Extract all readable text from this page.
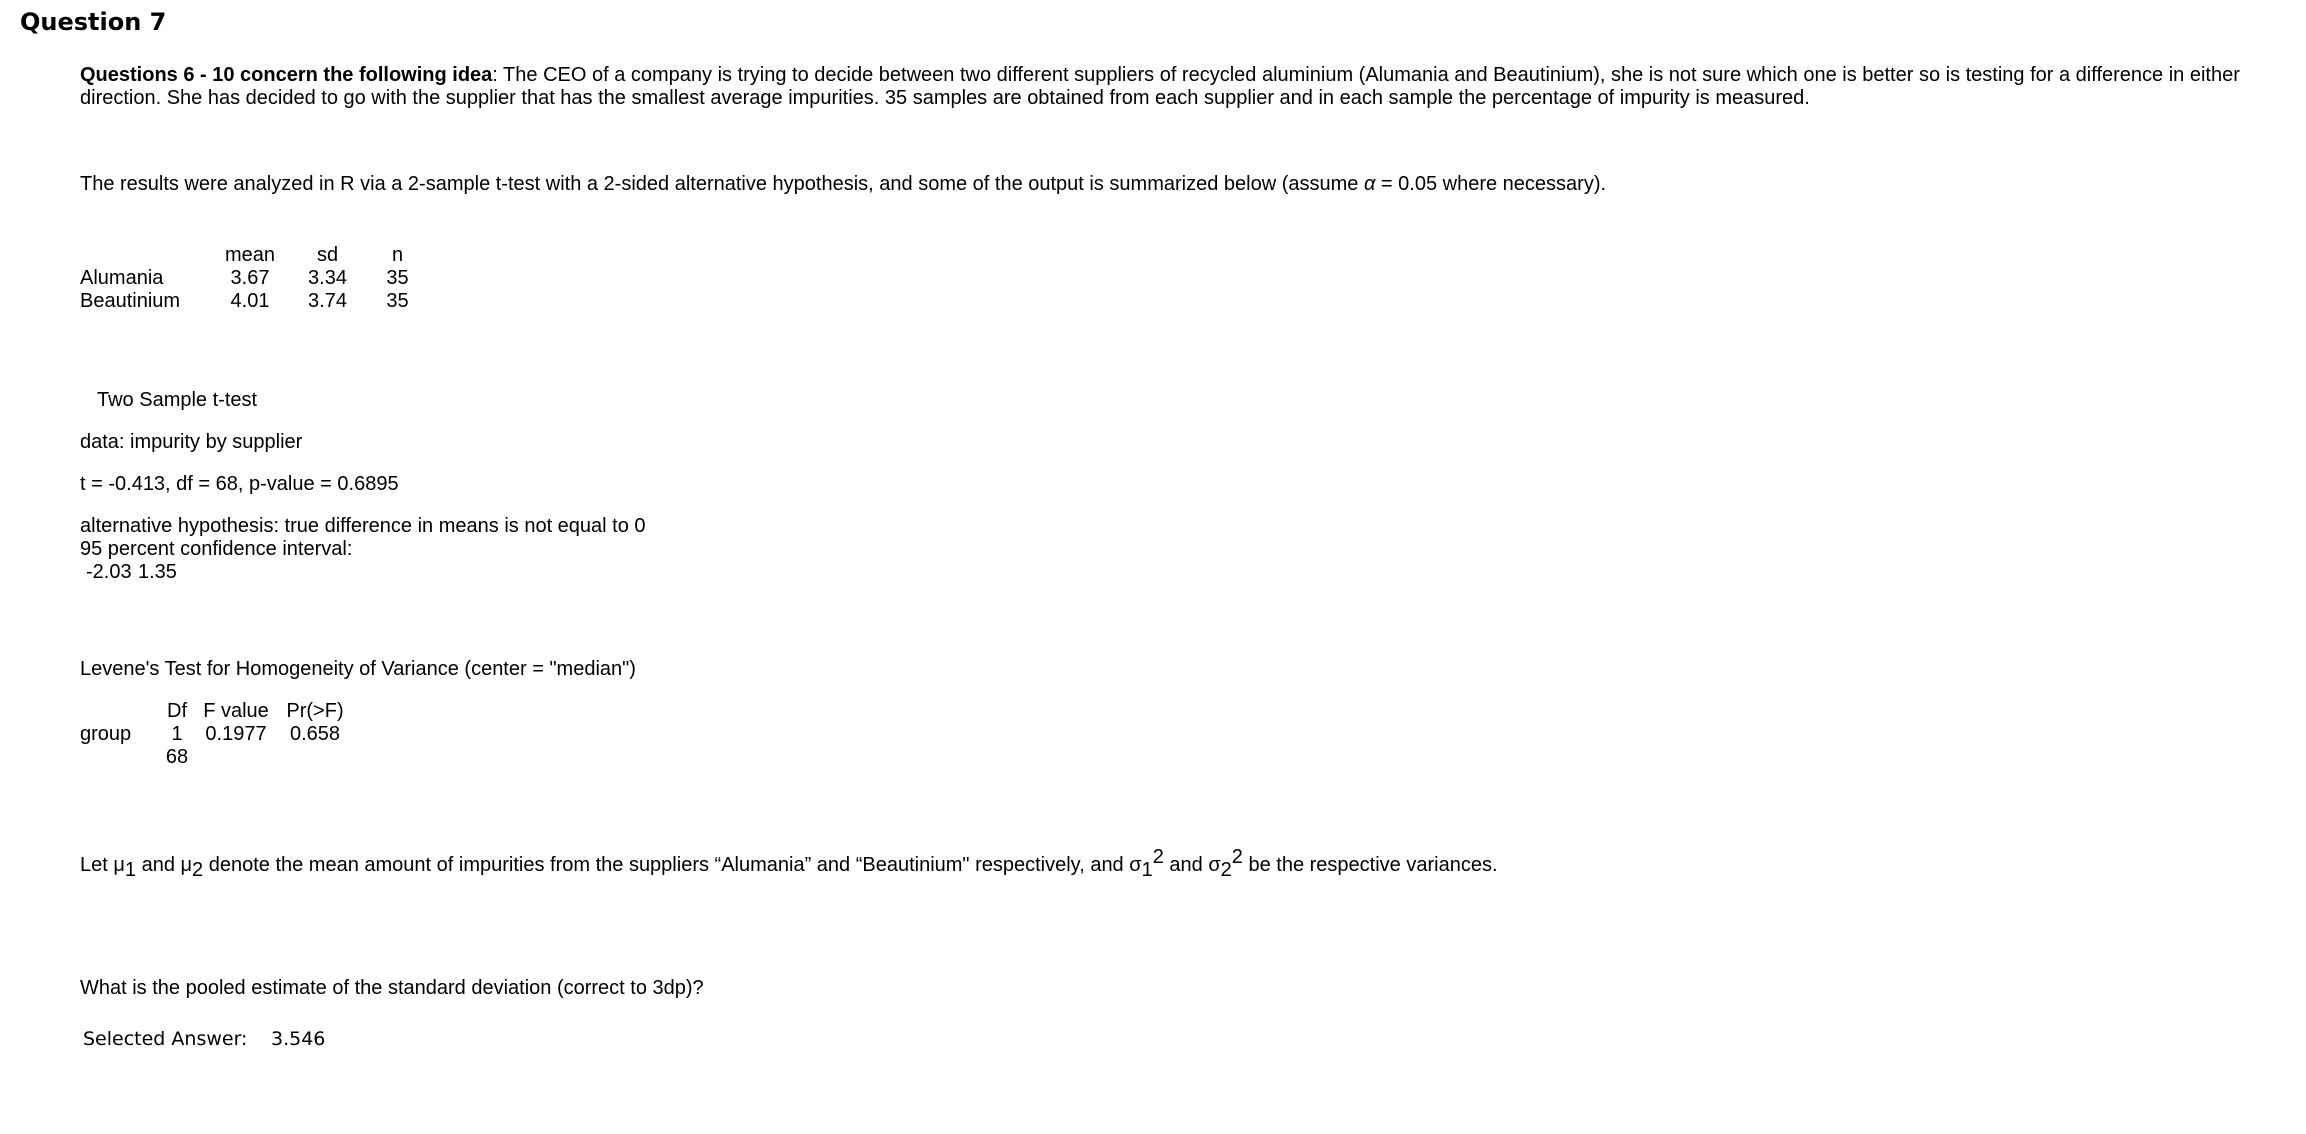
Question 7

Questions 6 - 10 concern the following idea: The CEO of a company is trying to decide between two different suppliers of recycled aluminium (Alumania and Beautinium), she is not sure which one is better so is testing for a difference in either direction. She has decided to go with the supplier that has the smallest average impurities. 35 samples are obtained from each supplier and in each sample the percentage of impurity is measured.

The results were analyzed in R via a 2-sample t-test with a 2-sided alternative hypothesis, and some of the output is summarized below (assume α = 0.05 where necessary).

	mean	sd	n
Alumania	3.67	3.34	35
Beautinium	4.01	3.74	35

Two Sample t-test

data: impurity by supplier

t = -0.413, df = 68, p-value = 0.6895

alternative hypothesis: true difference in means is not equal to 0

95 percent confidence interval:

-2.03 1.35

Levene's Test for Homogeneity of Variance (center = "median")

	Df	F value	Pr(>F)
group	1	0.1977	0.658
	68		

Let μ1 and μ2 denote the mean amount of impurities from the suppliers “Alumania” and “Beautinium" respectively, and σ12 and σ22 be the respective variances.

What is the pooled estimate of the standard deviation (correct to 3dp)?

Selected Answer: 3.546
